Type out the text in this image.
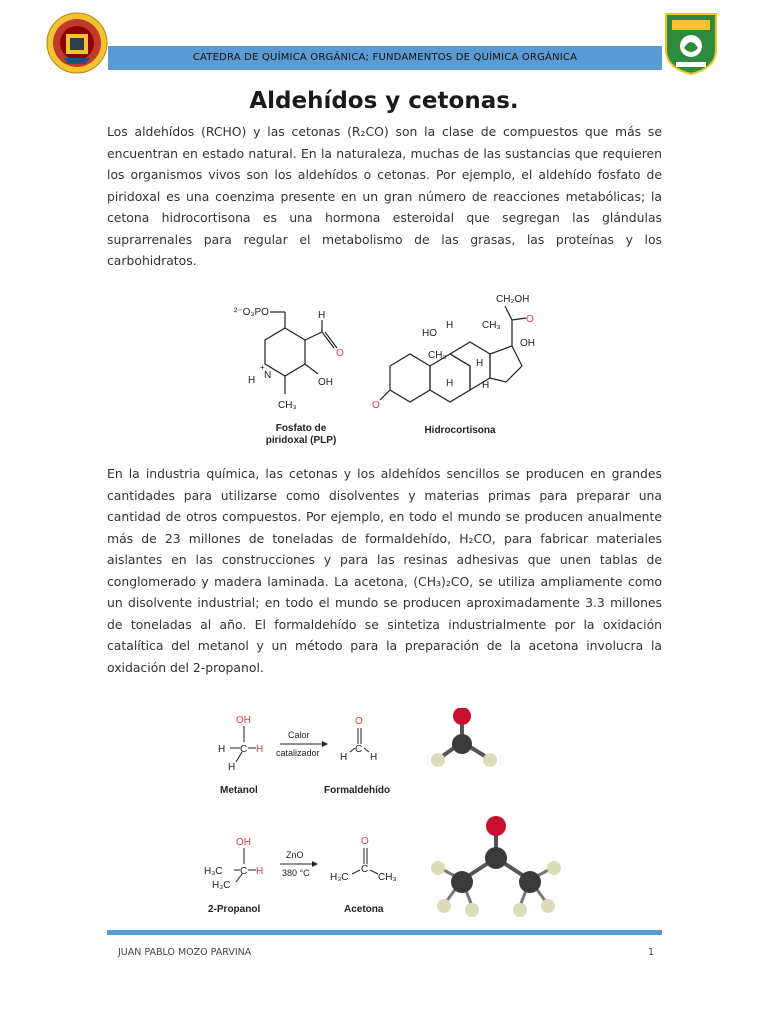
CATEDRA DE QUÍMICA ORGÁNICA; FUNDAMENTOS DE QUÍMICA ORGÁNICA
Aldehídos y cetonas.
Los aldehídos (RCHO) y las cetonas (R₂CO) son la clase de compuestos que más se encuentran en estado natural. En la naturaleza, muchas de las sustancias que requieren los organismos vivos son los aldehídos o cetonas. Por ejemplo, el aldehído fosfato de piridoxal es una coenzima presente en un gran número de reacciones metabólicas; la cetona hidrocortisona es una hormona esteroidal que segregan las glándulas suprarrenales para regular el metabolismo de las grasas, las proteínas y los carbohidratos.
²⁻O₃PO	H
O
H N
+
OH
CH₃
CH₂OH
O
HO
H	CH₃
CH₃
OH
H
H	H
O
Fosfato de
piridoxal (PLP)
Hidrocortisona
En la industria química, las cetonas y los aldehídos sencillos se producen en grandes cantidades para utilizarse como disolventes y materias primas para preparar una cantidad de otros compuestos. Por ejemplo, en todo el mundo se producen anualmente más de 23 millones de toneladas de formaldehído, H₂CO, para fabricar materiales aislantes en las construcciones y para las resinas adhesivas que unen tablas de conglomerado y madera laminada. La acetona, (CH₃)₂CO, se utiliza ampliamente como un disolvente industrial; en todo el mundo se producen aproximadamente 3.3 millones de toneladas al año. El formaldehído se sintetiza industrialmente por la oxidación catalítica del metanol y un método para la preparación de la acetona involucra la oxidación del 2-propanol.
OH
H C H
H
Calor
catalizador
O
H
C
H
Metanol	Formaldehído
OH
H₃C C H
H₃C
ZnO
380 °C
O
H₃C
C
CH₃
2-Propanol	Acetona
JUAN PABLO MOZO PARVINA	1
